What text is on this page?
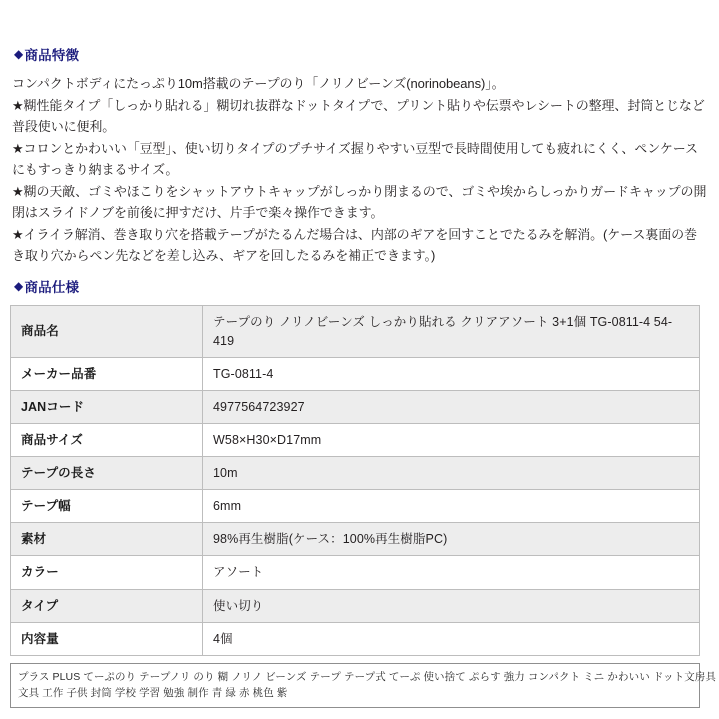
◆ 商品特徴

コンパクトボディにたっぷり10m搭載のテープのり「ノリノビーンズ(norinobeans)」。

★糊性能タイプ「しっかり貼れる」糊切れ抜群なドットタイプで、プリント貼りや伝票やレシートの整理、封筒とじなど普段使いに便利。

★コロンとかわいい「豆型」、使い切りタイプのプチサイズ握りやすい豆型で長時間使用しても疲れにくく、ペンケースにもすっきり納まるサイズ。

★糊の天敵、ゴミやほこりをシャットアウトキャップがしっかり閉まるので、ゴミや埃からしっかりガードキャップの開閉はスライドノブを前後に押すだけ、片手で楽々操作できます。

★イライラ解消、巻き取り穴を搭載テープがたるんだ場合は、内部のギアを回すことでたるみを解消。(ケース裏面の巻き取り穴からペン先などを差し込み、ギアを回したるみを補正できます。)

◆ 商品仕様
商品名	テープのり ノリノビーンズ しっかり貼れる クリアアソート 3+1個 TG-0811-4 54-419
メーカー品番	TG-0811-4
JANコード	4977564723927
商品サイズ	W58×H30×D17mm
テープの長さ	10m
テープ幅	6mm
素材	98%再生樹脂(ケース：100%再生樹脂PC)
カラー	アソート
タイプ	使い切り
内容量	4個
プラス PLUS てーぷのり テープノリ のり 糊 ノリノ ビーンズ テープ テープ式 てーぷ 使い捨て ぷらす 強力 コンパクト ミニ かわいい ドット文房具
文具 工作 子供 封筒 学校 学習 勉強 制作 青 緑 赤 桃色 紫
